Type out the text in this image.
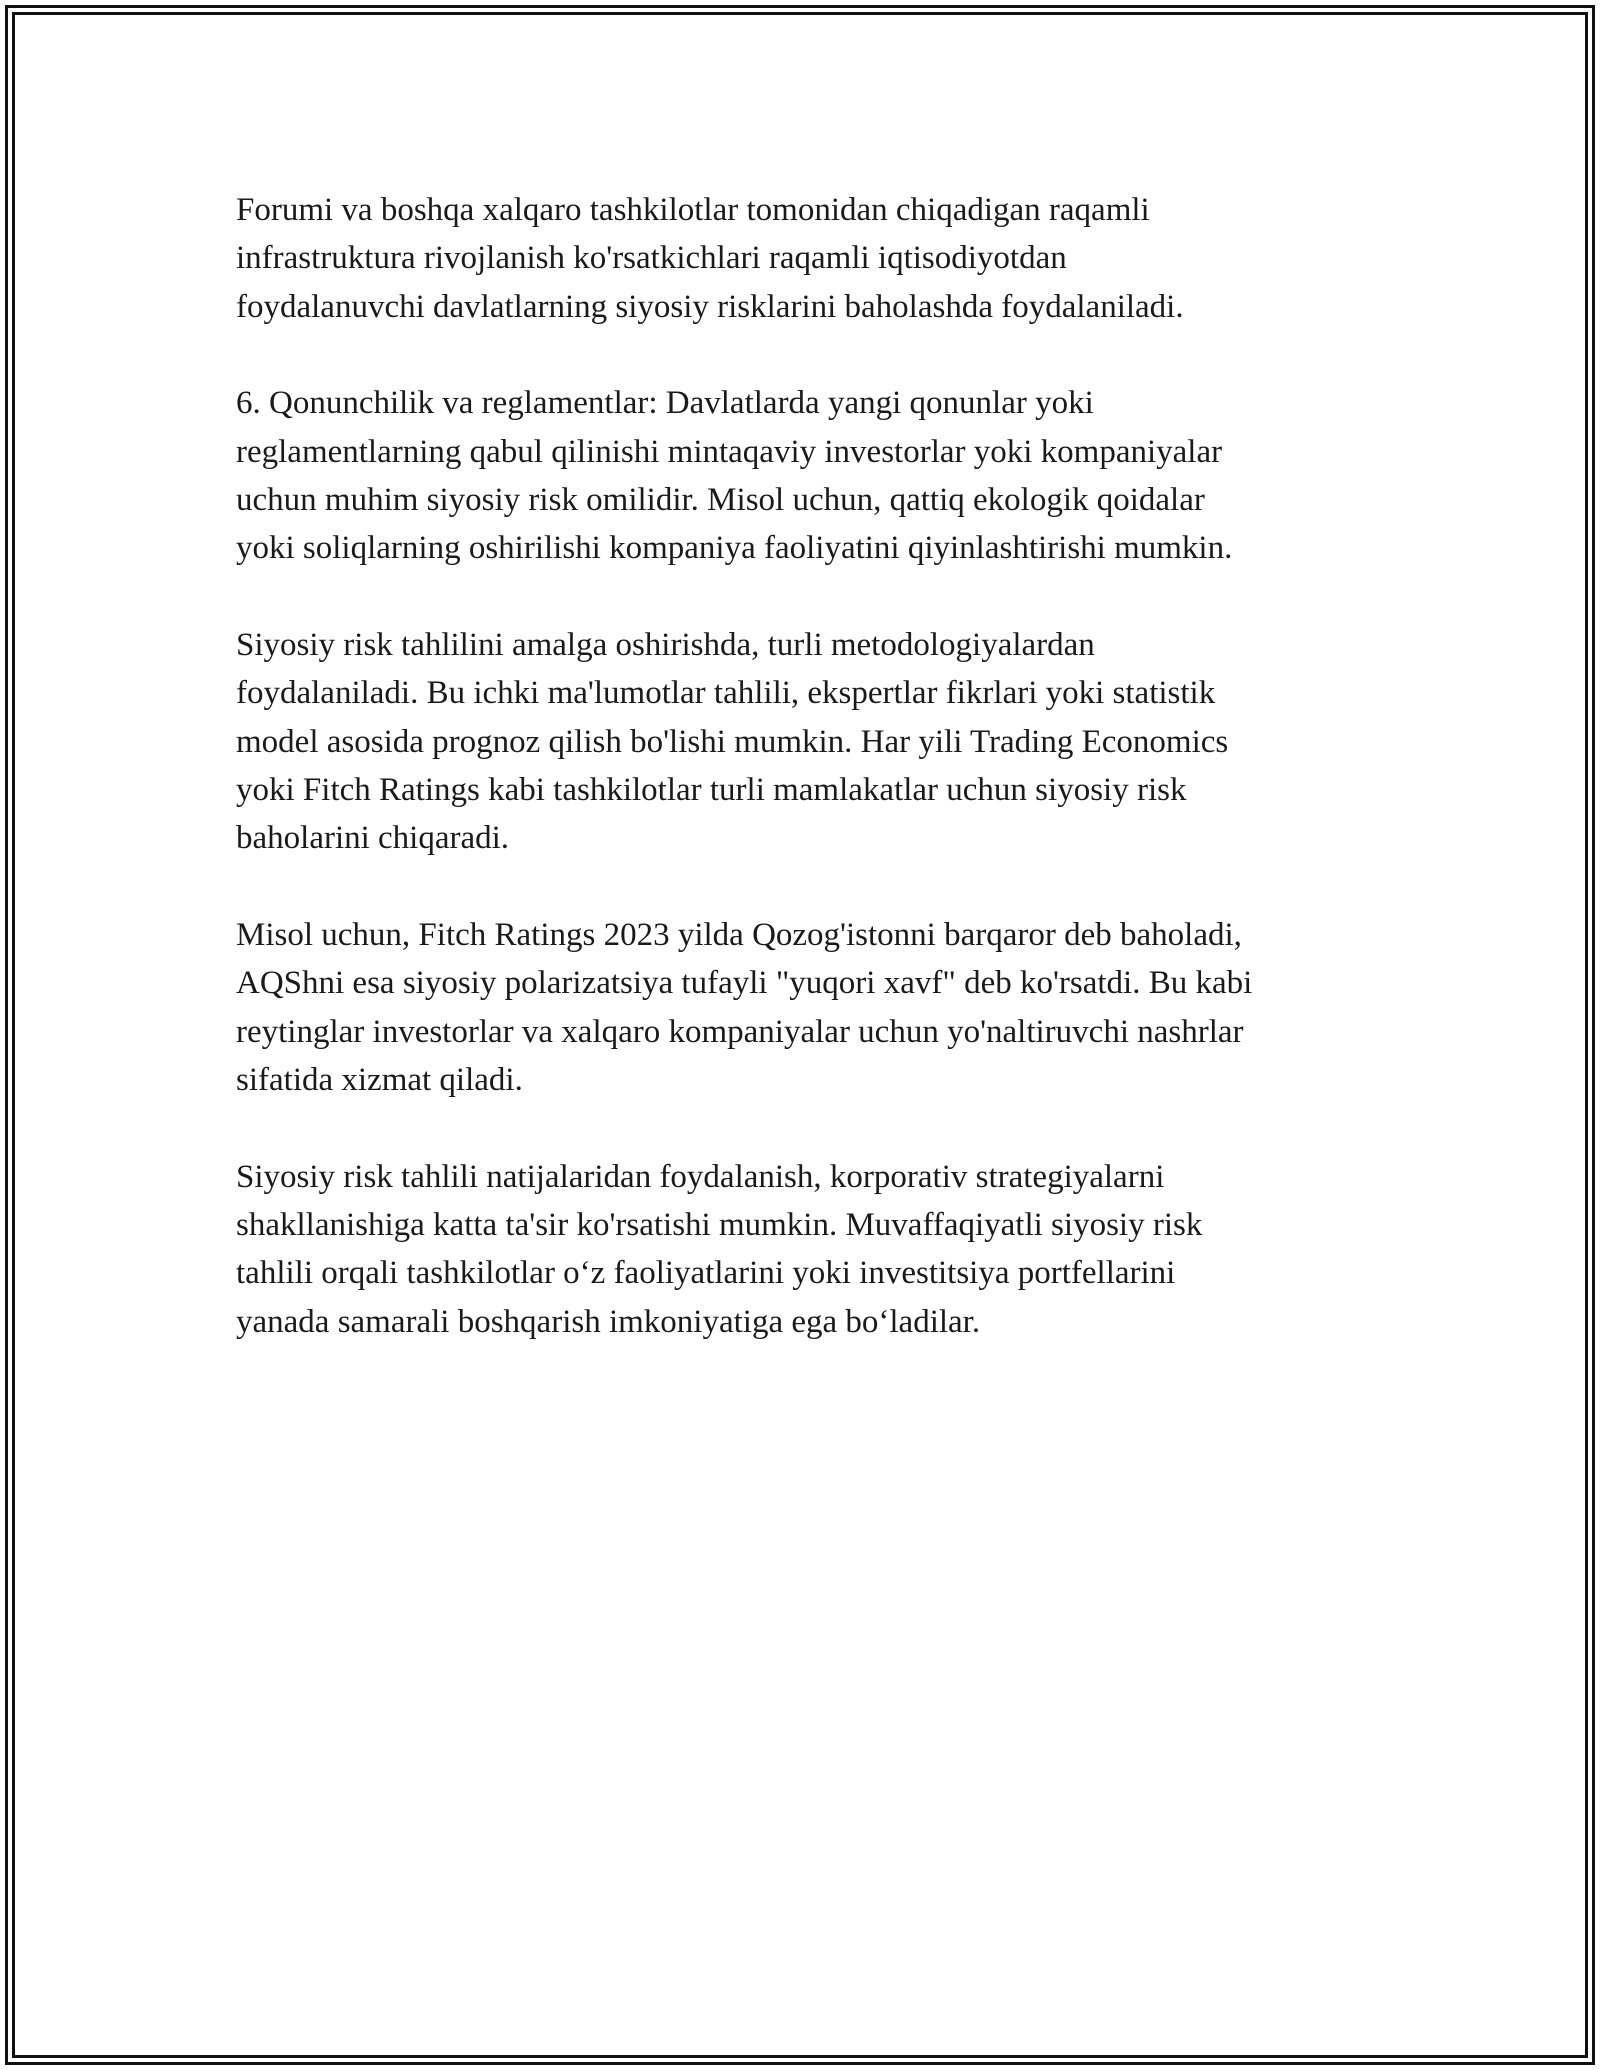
Forumi va boshqa xalqaro tashkilotlar tomonidan chiqadigan raqamli
infrastruktura rivojlanish ko'rsatkichlari raqamli iqtisodiyotdan
foydalanuvchi davlatlarning siyosiy risklarini baholashda foydalaniladi.

6. Qonunchilik va reglamentlar: Davlatlarda yangi qonunlar yoki
reglamentlarning qabul qilinishi mintaqaviy investorlar yoki kompaniyalar
uchun muhim siyosiy risk omilidir. Misol uchun, qattiq ekologik qoidalar
yoki soliqlarning oshirilishi kompaniya faoliyatini qiyinlashtirishi mumkin.

Siyosiy risk tahlilini amalga oshirishda, turli metodologiyalardan
foydalaniladi. Bu ichki ma'lumotlar tahlili, ekspertlar fikrlari yoki statistik
model asosida prognoz qilish bo'lishi mumkin. Har yili Trading Economics
yoki Fitch Ratings kabi tashkilotlar turli mamlakatlar uchun siyosiy risk
baholarini chiqaradi.

Misol uchun, Fitch Ratings 2023 yilda Qozog'istonni barqaror deb baholadi,
AQShni esa siyosiy polarizatsiya tufayli "yuqori xavf" deb ko'rsatdi. Bu kabi
reytinglar investorlar va xalqaro kompaniyalar uchun yo'naltiruvchi nashrlar
sifatida xizmat qiladi.

Siyosiy risk tahlili natijalaridan foydalanish, korporativ strategiyalarni
shakllanishiga katta ta'sir ko'rsatishi mumkin. Muvaffaqiyatli siyosiy risk
tahlili orqali tashkilotlar o‘z faoliyatlarini yoki investitsiya portfellarini
yanada samarali boshqarish imkoniyatiga ega bo‘ladilar.
